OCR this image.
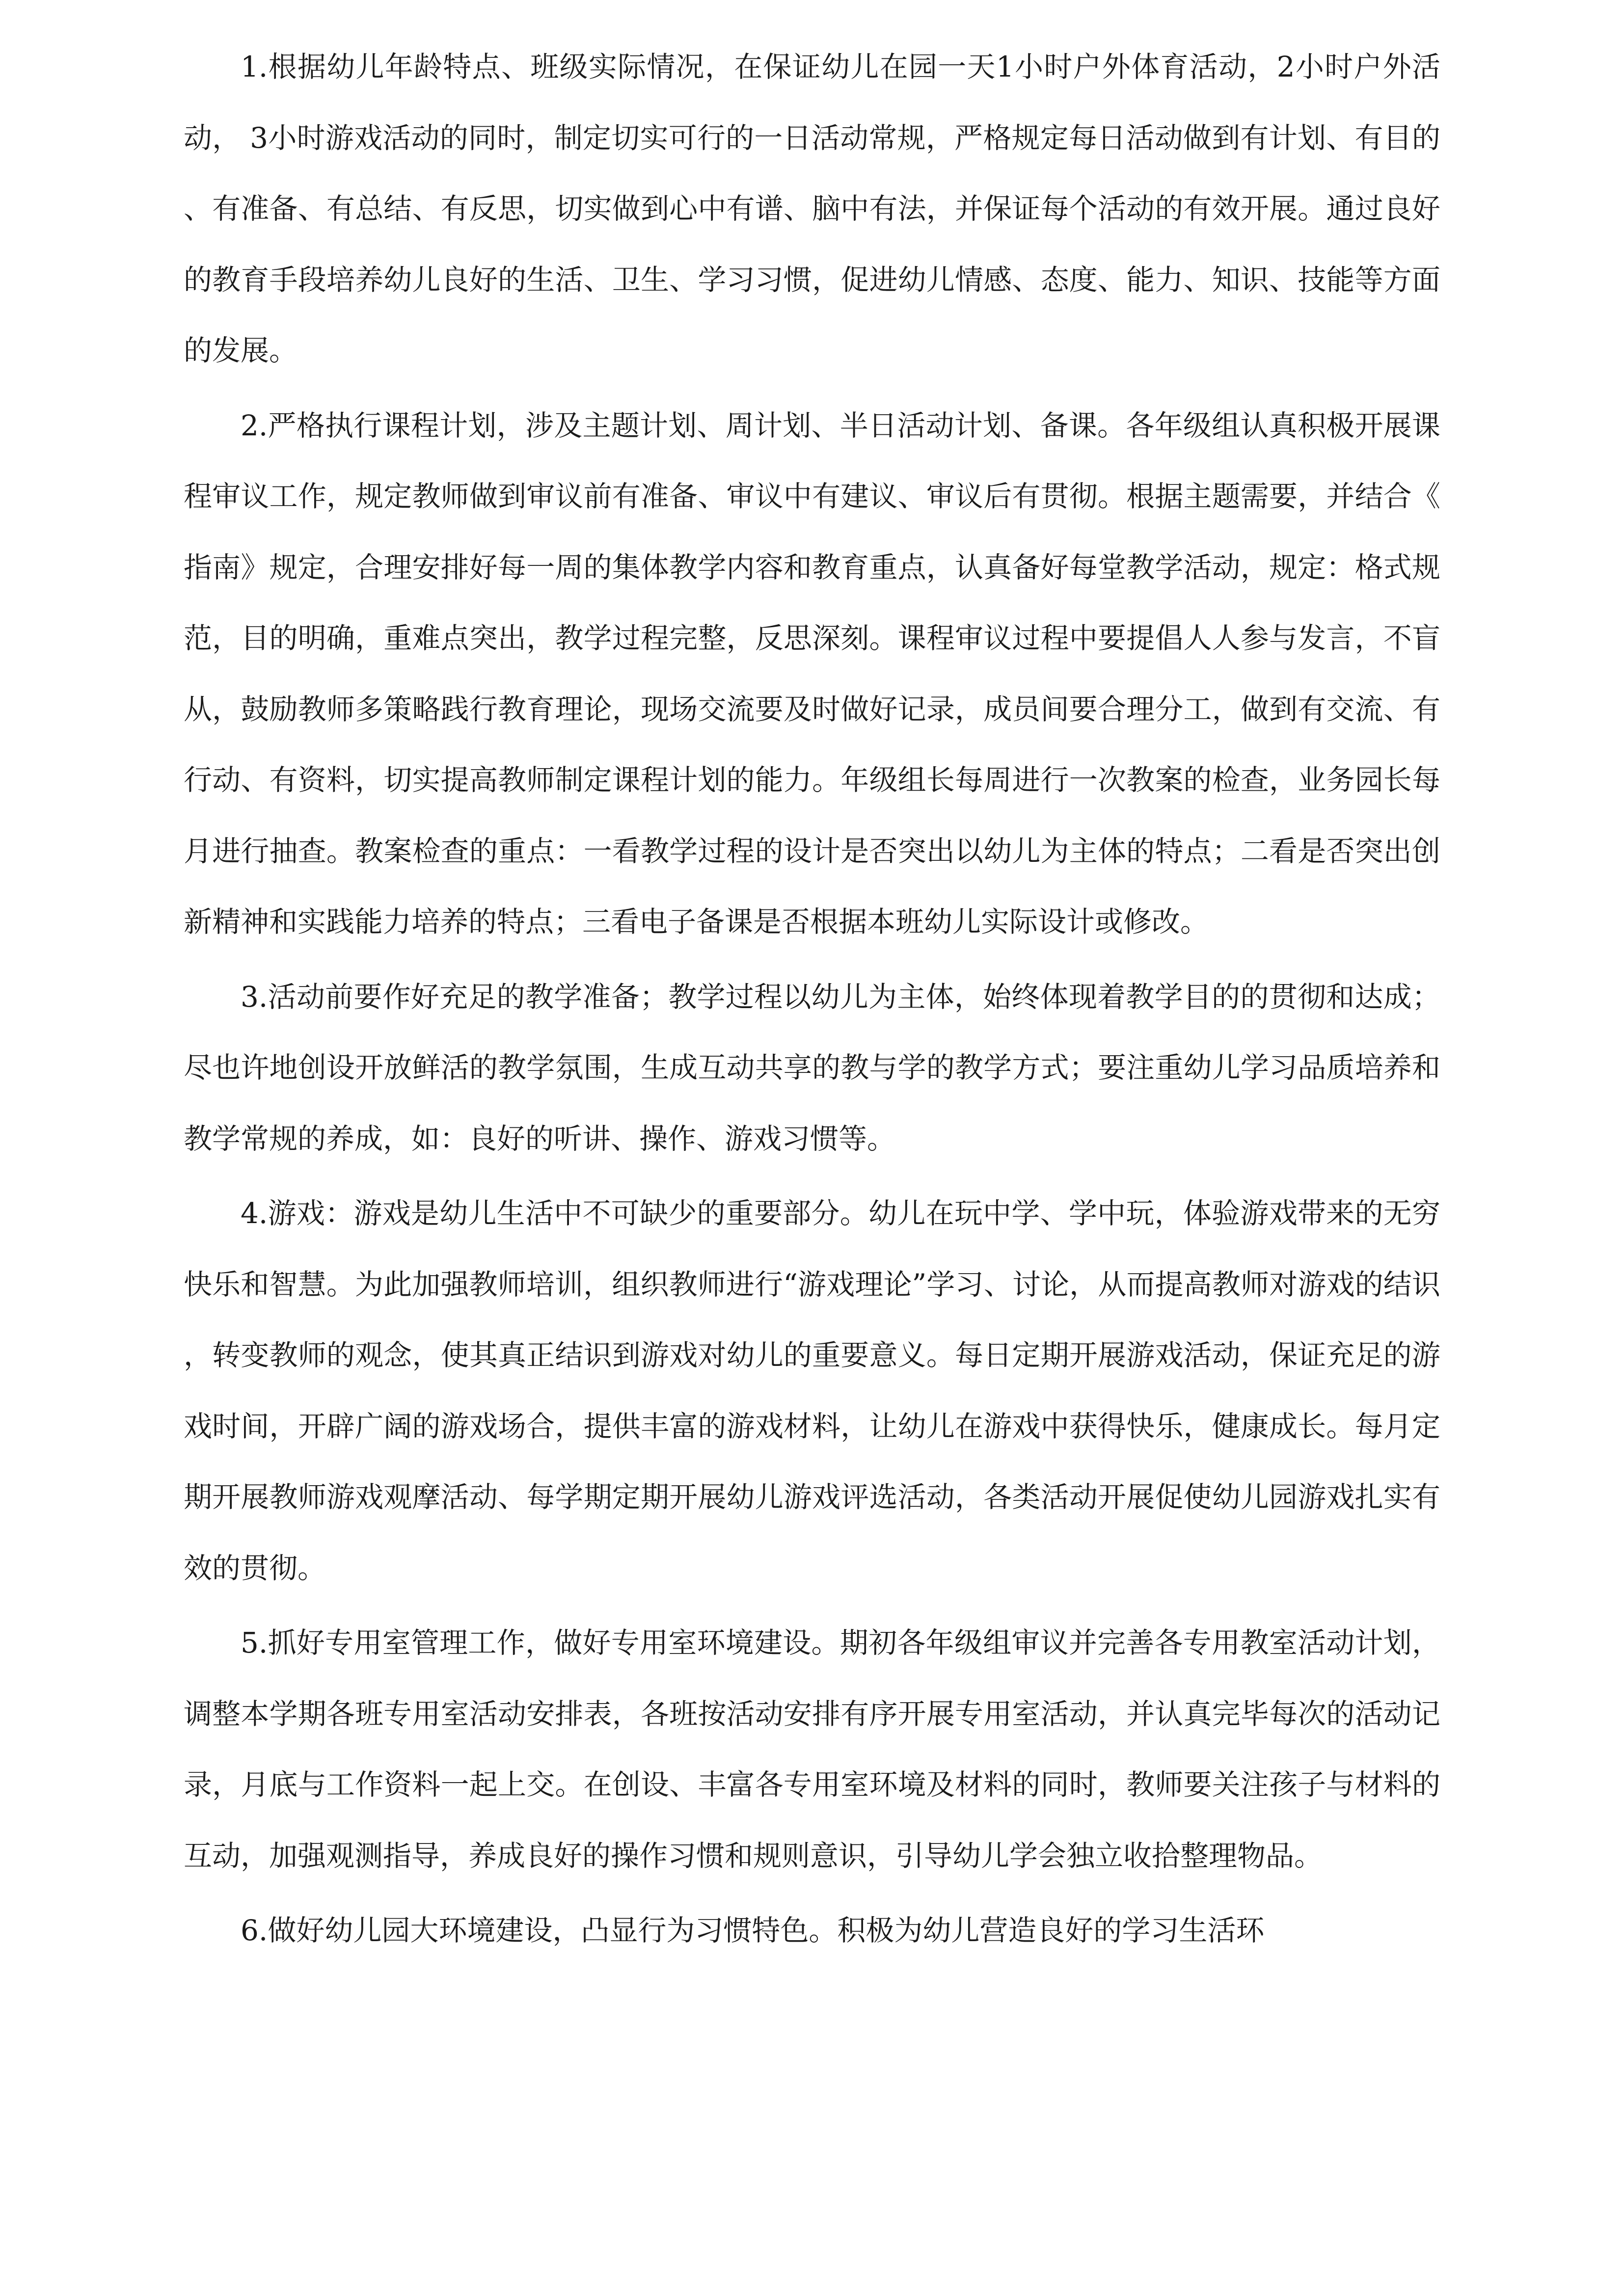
1.根据幼儿年龄特点、班级实际情况，在保证幼儿在园一天1小时户外体育活动，2小时户外活动， 3小时游戏活动的同时，制定切实可行的一日活动常规，严格规定每日活动做到有计划、有目的、有准备、有总结、有反思，切实做到心中有谱、脑中有法，并保证每个活动的有效开展。通过良好的教育手段培养幼儿良好的生活、卫生、学习习惯，促进幼儿情感、态度、能力、知识、技能等方面的发展。

2.严格执行课程计划，涉及主题计划、周计划、半日活动计划、备课。各年级组认真积极开展课程审议工作，规定教师做到审议前有准备、审议中有建议、审议后有贯彻。根据主题需要，并结合《指南》规定，合理安排好每一周的集体教学内容和教育重点，认真备好每堂教学活动，规定：格式规范，目的明确，重难点突出，教学过程完整，反思深刻。课程审议过程中要提倡人人参与发言，不盲从，鼓励教师多策略践行教育理论，现场交流要及时做好记录，成员间要合理分工，做到有交流、有行动、有资料，切实提高教师制定课程计划的能力。年级组长每周进行一次教案的检查，业务园长每月进行抽查。教案检查的重点：一看教学过程的设计是否突出以幼儿为主体的特点；二看是否突出创新精神和实践能力培养的特点；三看电子备课是否根据本班幼儿实际设计或修改。

3.活动前要作好充足的教学准备；教学过程以幼儿为主体，始终体现着教学目的的贯彻和达成；尽也许地创设开放鲜活的教学氛围，生成互动共享的教与学的教学方式；要注重幼儿学习品质培养和教学常规的养成，如：良好的听讲、操作、游戏习惯等。

4.游戏：游戏是幼儿生活中不可缺少的重要部分。幼儿在玩中学、学中玩，体验游戏带来的无穷快乐和智慧。为此加强教师培训，组织教师进行“游戏理论”学习、讨论，从而提高教师对游戏的结识，转变教师的观念，使其真正结识到游戏对幼儿的重要意义。每日定期开展游戏活动，保证充足的游戏时间，开辟广阔的游戏场合，提供丰富的游戏材料，让幼儿在游戏中获得快乐，健康成长。每月定期开展教师游戏观摩活动、每学期定期开展幼儿游戏评选活动，各类活动开展促使幼儿园游戏扎实有效的贯彻。

5.抓好专用室管理工作，做好专用室环境建设。期初各年级组审议并完善各专用教室活动计划，调整本学期各班专用室活动安排表，各班按活动安排有序开展专用室活动，并认真完毕每次的活动记录，月底与工作资料一起上交。在创设、丰富各专用室环境及材料的同时，教师要关注孩子与材料的互动，加强观测指导，养成良好的操作习惯和规则意识，引导幼儿学会独立收拾整理物品。

6.做好幼儿园大环境建设，凸显行为习惯特色。积极为幼儿营造良好的学习生活环
